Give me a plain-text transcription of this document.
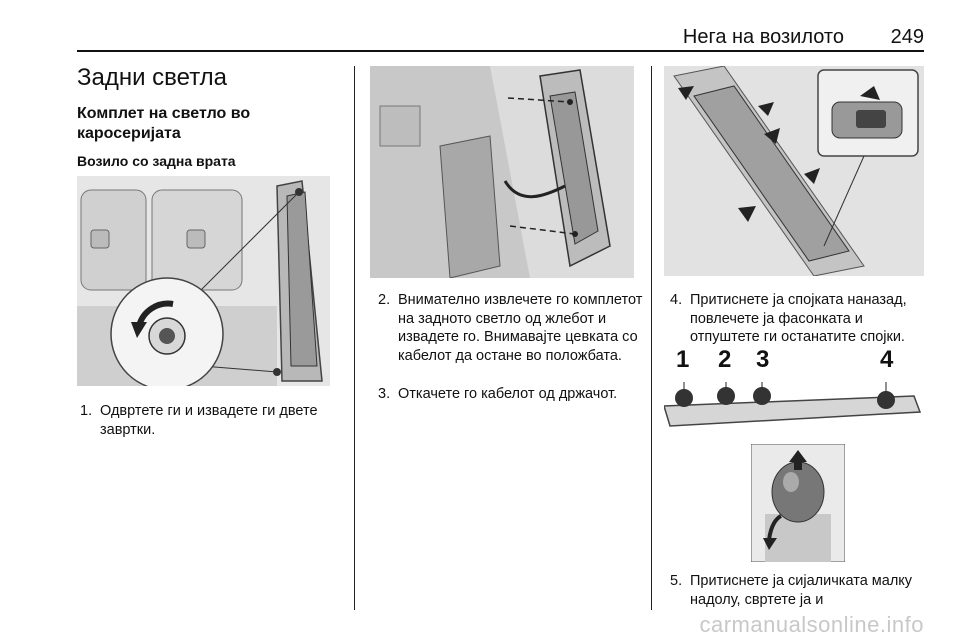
Нега на возилото 249
Задни светла
Комплет на светло во каросеријата
Возило со задна врата
1. Одвртете ги и извадете ги двете завртки.
2. Внимателно извлечете го комплетот на задното светло од жлебот и извадете го. Внимавајте цевката со кабелот да остане во положбата.
3. Откачете го кабелот од држачот.
4. Притиснете ја спојката наназад, повлечете ја фасонката и отпуштете ги останатите спојки.
1 2 3	4
5. Притиснете ја сијаличката малку надолу, свртете ја и
carmanualsonline.info
